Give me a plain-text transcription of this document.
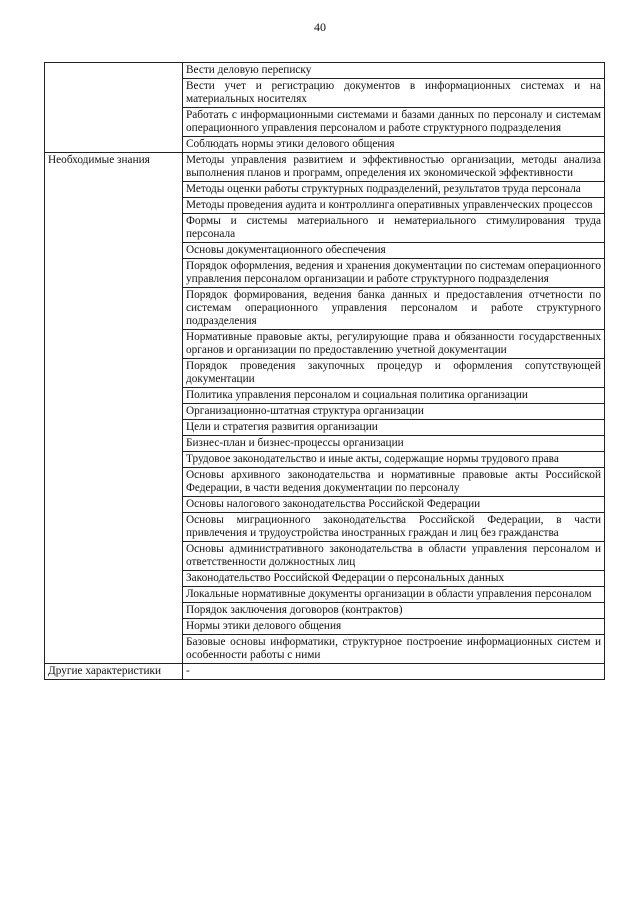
40
	Вести деловую переписку
	Вести учет и регистрацию документов в информационных системах и на материальных носителях
	Работать с информационными системами и базами данных по персоналу и системам операционного управления персоналом и работе структурного подразделения
	Соблюдать нормы этики делового общения
Необходимые знания	Методы управления развитием и эффективностью организации, методы анализа выполнения планов и программ, определения их экономической эффективности
	Методы оценки работы структурных подразделений, результатов труда персонала
	Методы проведения аудита и контроллинга оперативных управленческих процессов
	Формы и системы материального и нематериального стимулирования труда персонала
	Основы документационного обеспечения
	Порядок оформления, ведения и хранения документации по системам операционного управления персоналом организации и работе структурного подразделения
	Порядок формирования, ведения банка данных и предоставления отчетности по системам операционного управления персоналом и работе структурного подразделения
	Нормативные правовые акты, регулирующие права и обязанности государственных органов и организации по предоставлению учетной документации
	Порядок проведения закупочных процедур и оформления сопутствующей документации
	Политика управления персоналом и социальная политика организации
	Организационно-штатная структура организации
	Цели и стратегия развития организации
	Бизнес-план и бизнес-процессы организации
	Трудовое законодательство и иные акты, содержащие нормы трудового права
	Основы архивного законодательства и нормативные правовые акты Российской Федерации, в части ведения документации по персоналу
	Основы налогового законодательства Российской Федерации
	Основы миграционного законодательства Российской Федерации, в части привлечения и трудоустройства иностранных граждан и лиц без гражданства
	Основы административного законодательства в области управления персоналом и ответственности должностных лиц
	Законодательство Российской Федерации о персональных данных
	Локальные нормативные документы организации в области управления персоналом
	Порядок заключения договоров (контрактов)
	Нормы этики делового общения
	Базовые основы информатики, структурное построение информационных систем и особенности работы с ними
Другие характеристики	-
